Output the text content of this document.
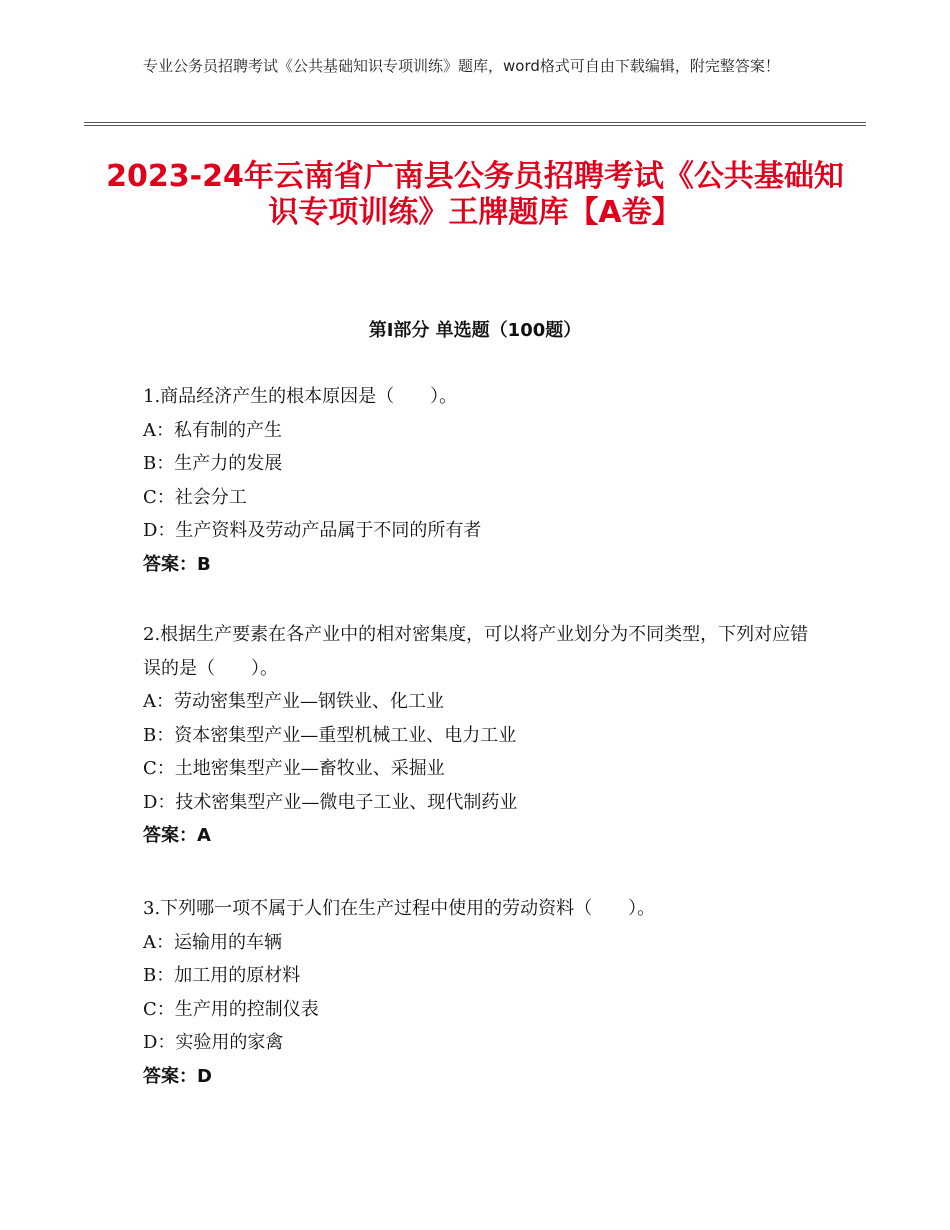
专业公务员招聘考试《公共基础知识专项训练》题库，word格式可自由下载编辑，附完整答案！
2023-24年云南省广南县公务员招聘考试《公共基础知识专项训练》王牌题库【A卷】
第Ⅰ部分 单选题（100题）
1.商品经济产生的根本原因是（　　）。
A：私有制的产生
B：生产力的发展
C：社会分工
D：生产资料及劳动产品属于不同的所有者
答案：B
2.根据生产要素在各产业中的相对密集度，可以将产业划分为不同类型，下列对应错误的是（　　）。
A：劳动密集型产业—钢铁业、化工业
B：资本密集型产业—重型机械工业、电力工业
C：土地密集型产业—畜牧业、采掘业
D：技术密集型产业—微电子工业、现代制药业
答案：A
3.下列哪一项不属于人们在生产过程中使用的劳动资料（　　）。
A：运输用的车辆
B：加工用的原材料
C：生产用的控制仪表
D：实验用的家禽
答案：D
